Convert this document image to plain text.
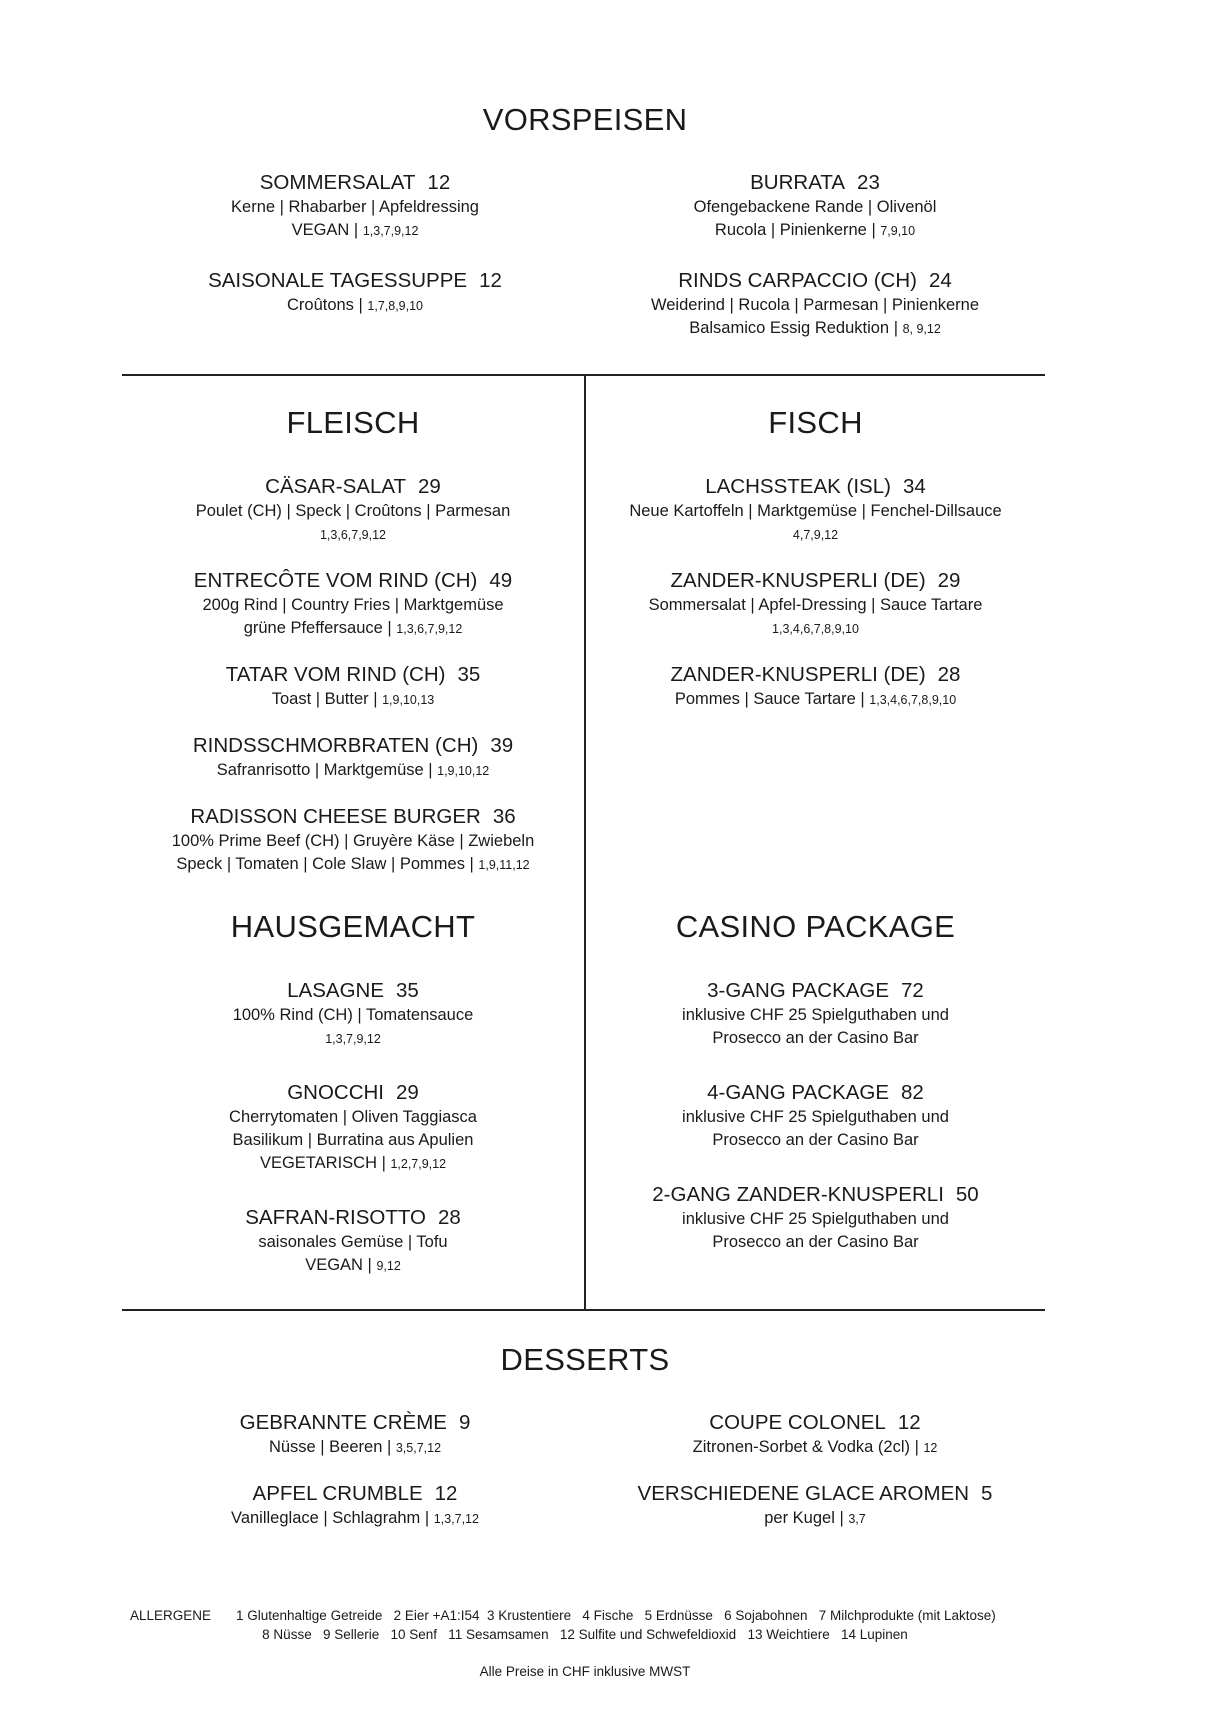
VORSPEISEN
SOMMERSALAT 12
Kerne | Rhabarber | Apfeldressing
VEGAN | 1,3,7,9,12
SAISONALE TAGESSUPPE 12
Croûtons | 1,7,8,9,10
BURRATA 23
Ofengebackene Rande | Olivenöl
Rucola | Pinienkerne | 7,9,10
RINDS CARPACCIO (CH) 24
Weiderind | Rucola | Parmesan | Pinienkerne
Balsamico Essig Reduktion | 8, 9,12
FLEISCH
CÄSAR-SALAT 29
Poulet (CH) | Speck | Croûtons | Parmesan
1,3,6,7,9,12
ENTRECÔTE VOM RIND (CH) 49
200g Rind | Country Fries | Marktgemüse
grüne Pfeffersauce | 1,3,6,7,9,12
TATAR VOM RIND (CH) 35
Toast | Butter | 1,9,10,13
RINDSSCHMORBRATEN (CH) 39
Safranrisotto | Marktgemüse | 1,9,10,12
RADISSON CHEESE BURGER 36
100% Prime Beef (CH) | Gruyère Käse | Zwiebeln
Speck | Tomaten | Cole Slaw | Pommes | 1,9,11,12
FISCH
LACHSSTEAK (ISL) 34
Neue Kartoffeln | Marktgemüse | Fenchel-Dillsauce
4,7,9,12
ZANDER-KNUSPERLI (DE) 29
Sommersalat | Apfel-Dressing | Sauce Tartare
1,3,4,6,7,8,9,10
ZANDER-KNUSPERLI (DE) 28
Pommes | Sauce Tartare | 1,3,4,6,7,8,9,10
HAUSGEMACHT
LASAGNE 35
100% Rind (CH) | Tomatensauce
1,3,7,9,12
GNOCCHI 29
Cherrytomaten | Oliven Taggiasca
Basilikum | Burratina aus Apulien
VEGETARISCH | 1,2,7,9,12
SAFRAN-RISOTTO 28
saisonales Gemüse | Tofu
VEGAN | 9,12
CASINO PACKAGE
3-GANG PACKAGE 72
inklusive CHF 25 Spielguthaben und
Prosecco an der Casino Bar
4-GANG PACKAGE 82
inklusive CHF 25 Spielguthaben und
Prosecco an der Casino Bar
2-GANG ZANDER-KNUSPERLI 50
inklusive CHF 25 Spielguthaben und
Prosecco an der Casino Bar
DESSERTS
GEBRANNTE CRÈME 9
Nüsse | Beeren | 3,5,7,12
APFEL CRUMBLE 12
Vanilleglace | Schlagrahm | 1,3,7,12
COUPE COLONEL 12
Zitronen-Sorbet & Vodka (2cl) | 12
VERSCHIEDENE GLACE AROMEN 5
per Kugel | 3,7
ALLERGENE 1 Glutenhaltige Getreide   2 Eier +A1:I54  3 Krustentiere   4 Fische   5 Erdnüsse   6 Sojabohnen   7 Milchprodukte (mit Laktose)
8 Nüsse   9 Sellerie   10 Senf   11 Sesamsamen   12 Sulfite und Schwefeldioxid   13 Weichtiere   14 Lupinen
Alle Preise in CHF inklusive MWST
